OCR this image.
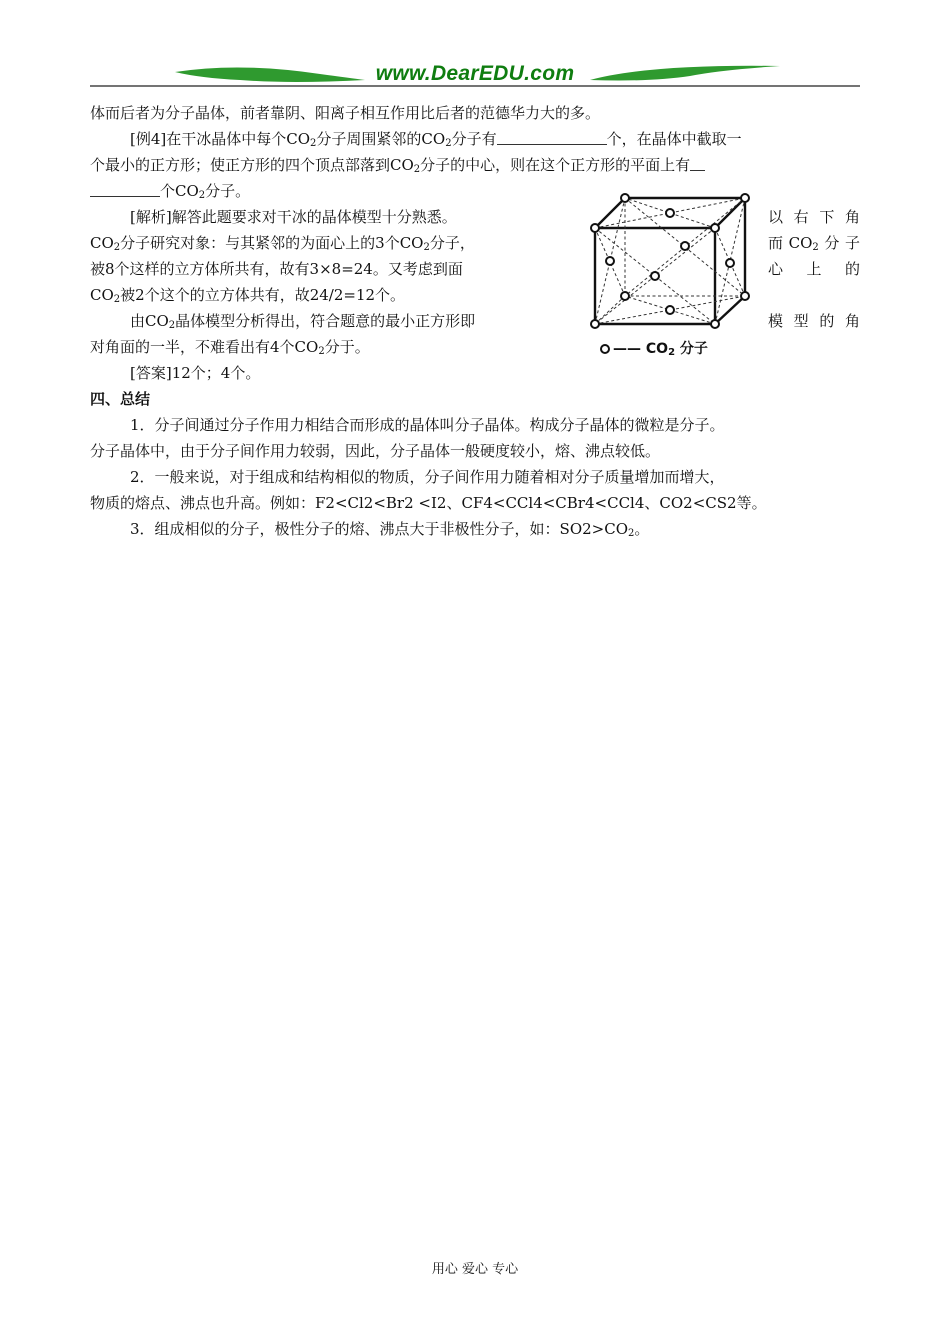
www.DearEDU.com

体而后者为分子晶体，前者靠阴、阳离子相互作用比后者的范德华力大的多。

[例4]在干冰晶体中每个$CO_2$分子周围紧邻的$CO_2$分子有	个，在晶体中截取一

个最小的正方形；使正方形的四个顶点部落到$CO_2$分子的中心，则在这个正方形的平面上有

个$CO_2$分子。

[解析]解答此题要求对干冰的晶体模型十分熟悉。	以 右 下 角

$CO_2$分子研究对象：与其紧邻的为面心上的3个$CO_2$分子，	而$CO_2$分子

被8个这样的立方体所共有，故有3×8=24。又考虑到面	心 上 的

$CO_2$被2个这个的立方体共有，故24/2=12个。

由$CO_2$晶体模型分析得出，符合题意的最小正方形即	模 型 的 角

对角面的一半，不难看出有4个$CO_2$分于。

[答案]12个；4个。

四、总结

1．分子间通过分子作用力相结合而形成的晶体叫分子晶体。构成分子晶体的微粒是分子。

分子晶体中，由于分子间作用力较弱，因此，分子晶体一般硬度较小，熔、沸点较低。

2．一般来说，对于组成和结构相似的物质，分子间作用力随着相对分子质量增加而增大，

物质的熔点、沸点也升高。例如：F2<Cl2<Br2 <I2、CF4<CCl4<CBr4<CCl4、CO2<CS2等。

3．组成相似的分子，极性分子的熔、沸点大于非极性分子，如：$SO2>CO_2$。

—— $CO_2$ 分子
用心 爱心 专心
